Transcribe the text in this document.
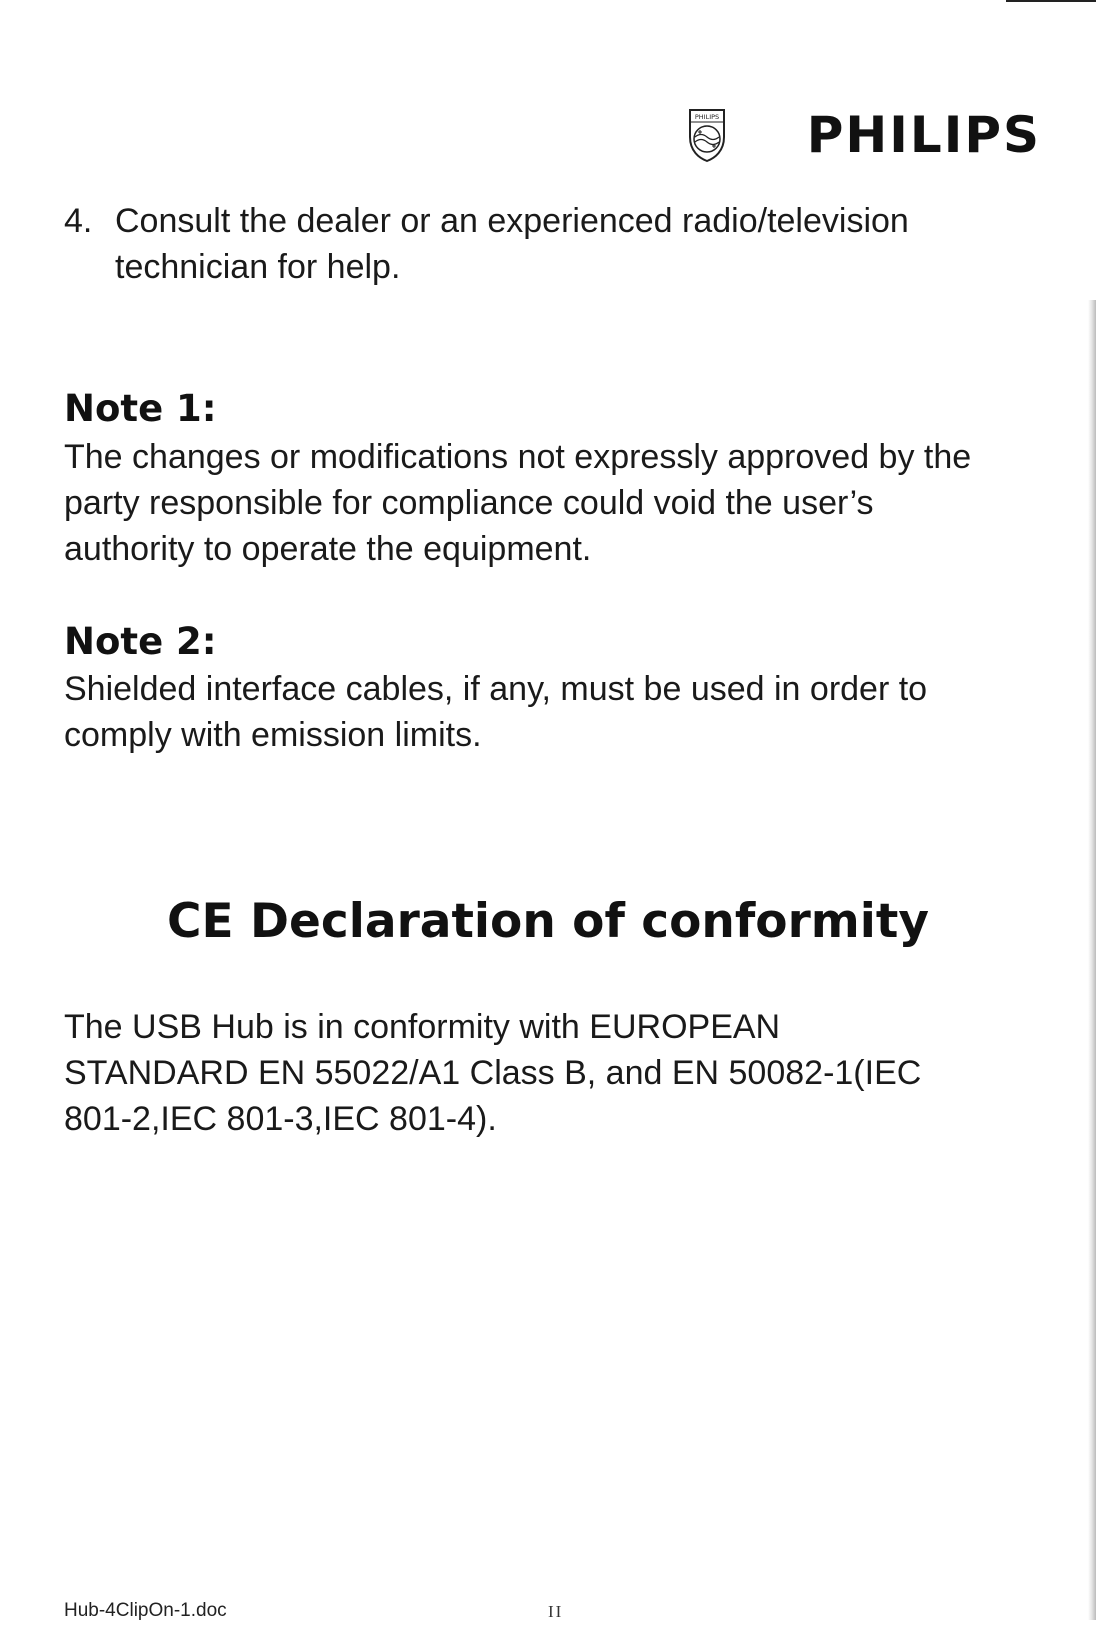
PHILIPS PHILIPS
4. Consult the dealer or an experienced radio/television
technician for help.
Note 1:
The changes or modifications not expressly approved by the
party responsible for compliance could void the user’s
authority to operate the equipment.
Note 2:
Shielded interface cables, if any, must be used in order to
comply with emission limits.
CE Declaration of conformity
The USB Hub is in conformity with EUROPEAN
STANDARD EN 55022/A1 Class B, and EN 50082-1(IEC
801-2,IEC 801-3,IEC 801-4).
Hub-4ClipOn-1.doc	II
